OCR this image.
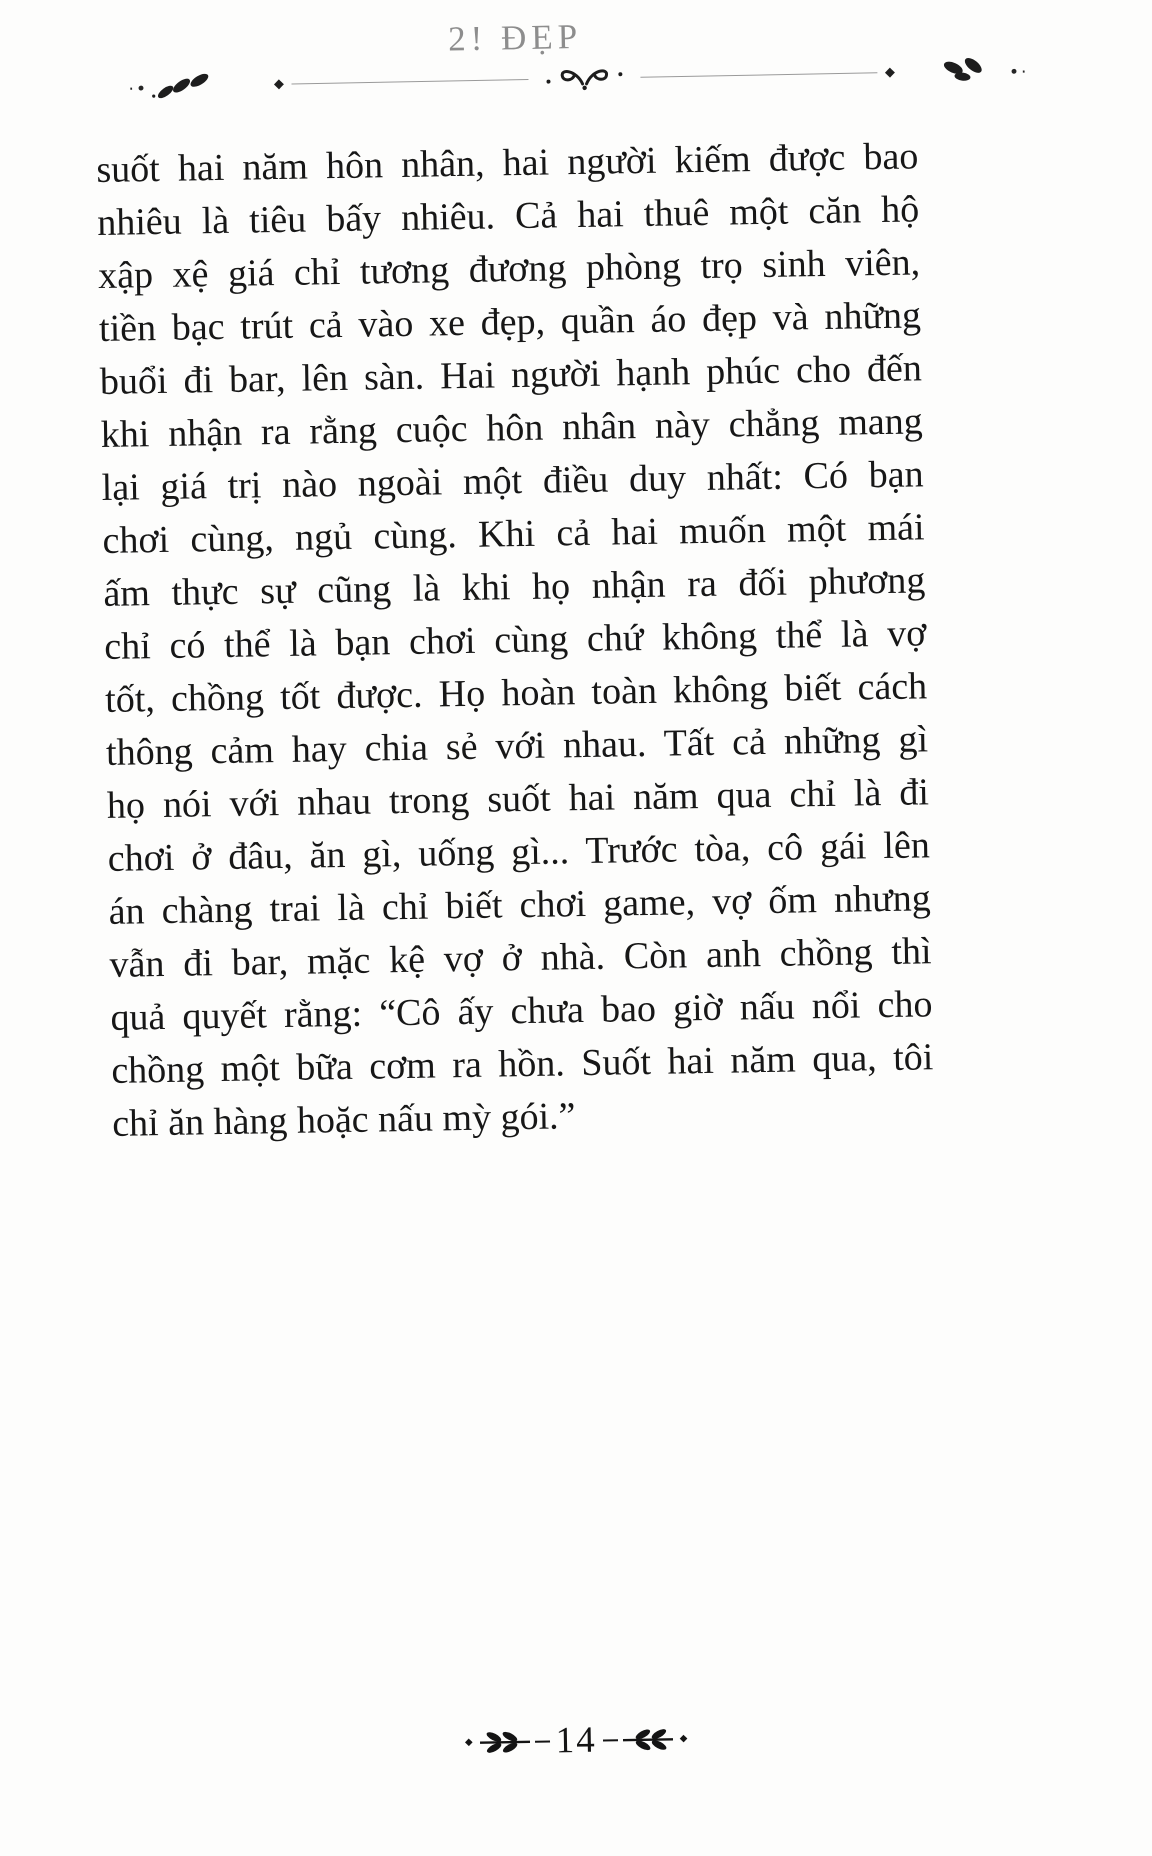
2! ĐẸP
·•	◆
◆	•·
suốt hai năm hôn nhân, hai người kiếm được bao
nhiêu là tiêu bấy nhiêu. Cả hai thuê một căn hộ
xập xệ giá chỉ tương đương phòng trọ sinh viên,
tiền bạc trút cả vào xe đẹp, quần áo đẹp và những
buổi đi bar, lên sàn. Hai người hạnh phúc cho đến
khi nhận ra rằng cuộc hôn nhân này chẳng mang
lại giá trị nào ngoài một điều duy nhất: Có bạn
chơi cùng, ngủ cùng. Khi cả hai muốn một mái
ấm thực sự cũng là khi họ nhận ra đối phương
chỉ có thể là bạn chơi cùng chứ không thể là vợ
tốt, chồng tốt được. Họ hoàn toàn không biết cách
thông cảm hay chia sẻ với nhau. Tất cả những gì
họ nói với nhau trong suốt hai năm qua chỉ là đi
chơi ở đâu, ăn gì, uống gì... Trước tòa, cô gái lên
án chàng trai là chỉ biết chơi game, vợ ốm nhưng
vẫn đi bar, mặc kệ vợ ở nhà. Còn anh chồng thì
quả quyết rằng: “Cô ấy chưa bao giờ nấu nổi cho
chồng một bữa cơm ra hồn. Suốt hai năm qua, tôi
chỉ ăn hàng hoặc nấu mỳ gói.”
◆ 14	◆
